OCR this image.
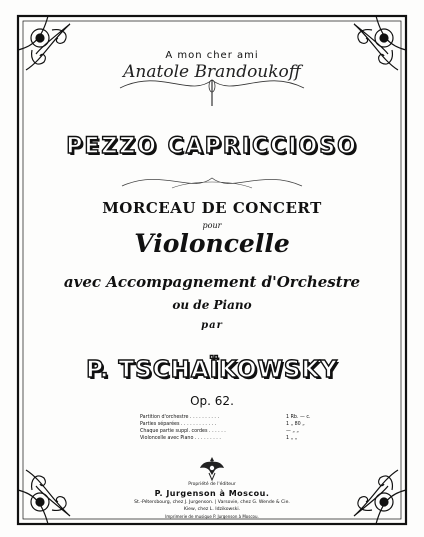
A mon cher ami
Anatole Brandoukoff
PEZZO CAPRICCIOSO
MORCEAU DE CONCERT
pour
Violoncelle
avec Accompagnement d'Orchestre
ou de Piano
par
P. TSCHAÏKOWSKY
Op. 62.
Partition d'orchestre . . . . . . . . . .	1 Rb. — c.
Parties séparées . . . . . . . . . . . .	1 „ 80 „
Chaque partie suppl. cordes . . . . . .	— „ „
Violoncelle avec Piano . . . . . . . . .	1 „ „
Propriété de l'éditeur
P. Jurgenson à Moscou.
St.-Pétersbourg, chez J. Jurgenson. | Varsovie, chez G. Wende & Cie.
Kiew, chez L. Idzikowski.
Imprimerie de musique P. Jurgenson à Moscou.
